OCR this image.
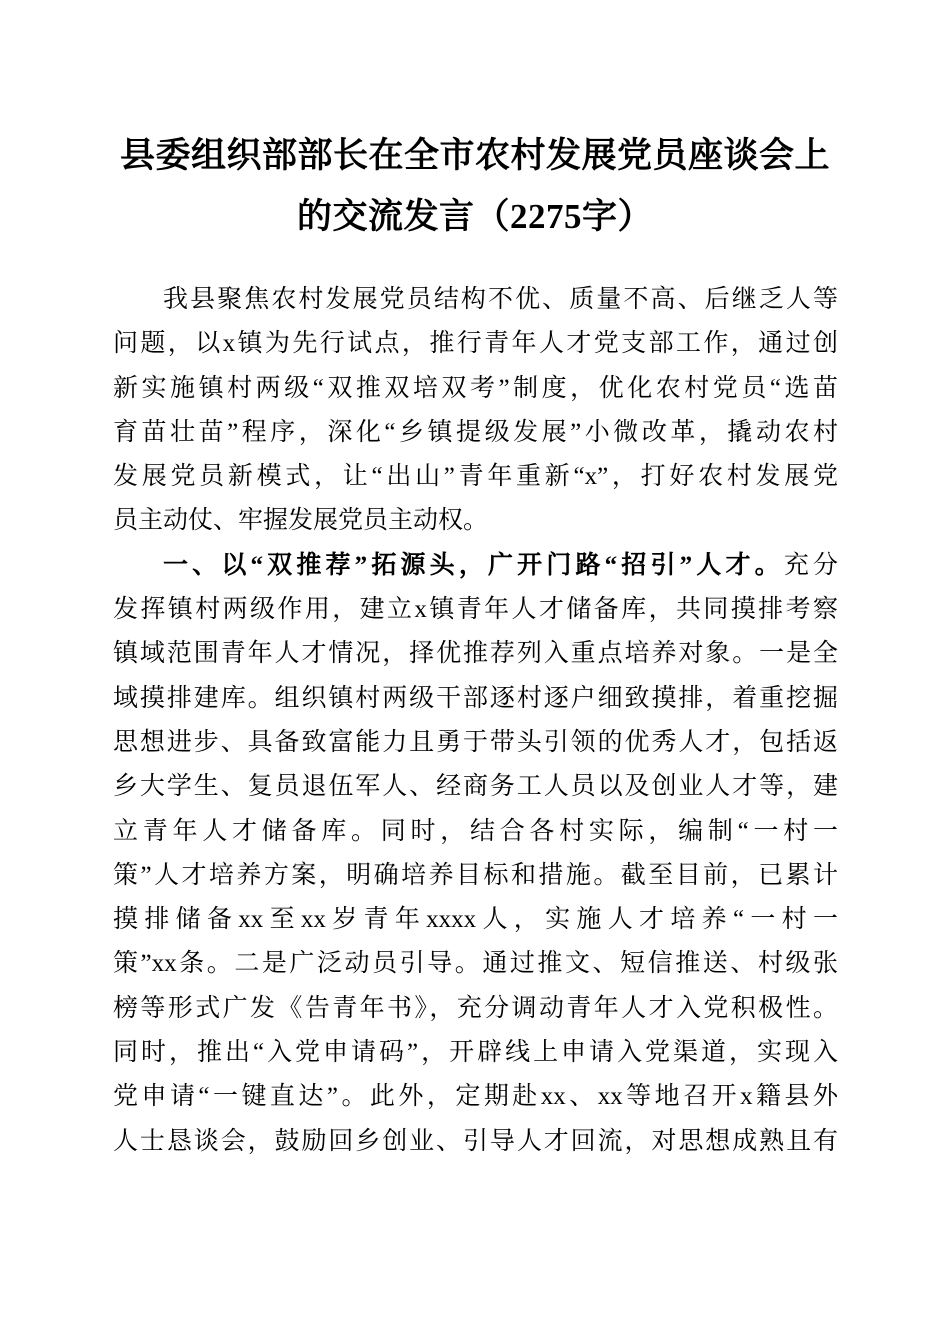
县委组织部部长在全市农村发展党员座谈会上
的交流发言（2275字）
我县聚焦农村发展党员结构不优、质量不高、后继乏人等
问题，以x镇为先行试点，推行青年人才党支部工作，通过创
新实施镇村两级“双推双培双考”制度，优化农村党员“选苗
育苗壮苗”程序，深化“乡镇提级发展”小微改革，撬动农村
发展党员新模式，让“出山”青年重新“x”，打好农村发展党
员主动仗、牢握发展党员主动权。
一、以“双推荐”拓源头，广开门路“招引”人才。充分
发挥镇村两级作用，建立x镇青年人才储备库，共同摸排考察
镇域范围青年人才情况，择优推荐列入重点培养对象。一是全
域摸排建库。组织镇村两级干部逐村逐户细致摸排，着重挖掘
思想进步、具备致富能力且勇于带头引领的优秀人才，包括返
乡大学生、复员退伍军人、经商务工人员以及创业人才等，建
立青年人才储备库。同时，结合各村实际，编制“一村一
策”人才培养方案，明确培养目标和措施。截至目前，已累计
摸排储备xx至xx岁青年xxxx人，实施人才培养“一村一
策”xx条。二是广泛动员引导。通过推文、短信推送、村级张
榜等形式广发《告青年书》，充分调动青年人才入党积极性。
同时，推出“入党申请码”，开辟线上申请入党渠道，实现入
党申请“一键直达”。此外，定期赴xx、xx等地召开x籍县外
人士恳谈会，鼓励回乡创业、引导人才回流，对思想成熟且有
